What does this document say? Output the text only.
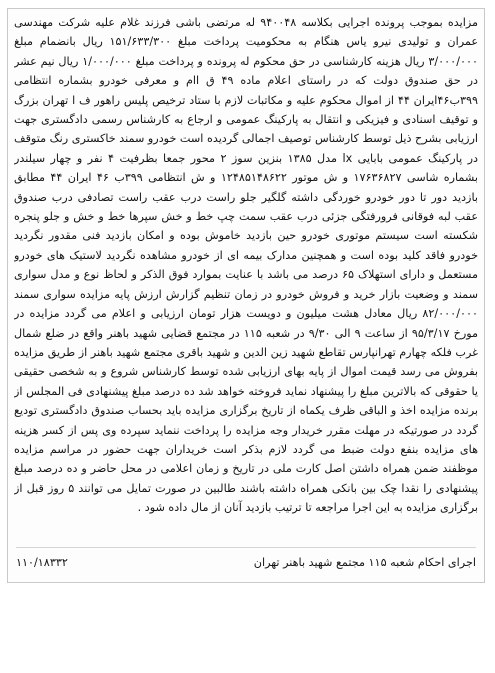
مزایده بموجب پرونده اجرایی بکلاسه ۹۴۰۰۴۸ له مرتضی باشی فرزند غلام علیه شرکت مهندسی عمران و تولیدی نیرو یاس هنگام به محکومیت پرداخت مبلغ ۱۵۱/۶۳۳/۳۰۰ ریال بانضمام مبلغ ۳/۰۰۰/۰۰۰ ریال هزینه کارشناسی در حق محکوم له پرونده و پرداخت مبلغ ۱/۰۰۰/۰۰۰ ریال نیم عشر در حق صندوق دولت که در راستای اعلام ماده ۴۹ ق اام و معرفی خودرو بشماره انتظامی ۳۹۹ب۴۶ایران ۴۴ از اموال محکوم علیه و مکاتبات لازم با ستاد ترخیص پلیس راهور ف ا تهران بزرگ و توقیف اسنادی و فیزیکی و انتقال به پارکینگ عمومی و ارجاع به کارشناس رسمی دادگستری جهت ارزیابی بشرح ذیل توسط کارشناس توصیف اجمالی گردیده است خودرو سمند خاکستری رنگ متوقف در پارکینگ عمومی بابایی lx مدل ۱۳۸۵ بنزین سوز ۲ محور جمعا بظرفیت ۴ نفر و چهار سیلندر بشماره شاسی ۱۷۶۳۶۸۲۷ و ش موتور ۱۲۴۸۵۱۴۸۶۲۲ و ش انتظامی ۳۹۹ب ۴۶ ایران ۴۴ مطابق بازدید دور تا دور خودرو خوردگی داشته گلگیر جلو راست درب عقب راست تصادفی درب صندوق عقب لبه فوقانی فرورفتگی جزئی درب عقب سمت چپ خط و خش سپرها خط و خش و جلو پنجره شکسته است سیستم موتوری خودرو حین بازدید خاموش بوده و امکان بازدید فنی مقدور نگردید خودرو فاقد کلید بوده است و همچنین مدارک بیمه ای از خودرو مشاهده نگردید لاستیک های خودرو مستعمل و دارای استهلاک ۶۵ درصد می باشد با عنایت بموارد فوق الذکر و لحاظ نوع و مدل سواری سمند و وضعیت بازار خرید و فروش خودرو در زمان تنظیم گزارش ارزش پایه مزایده سواری سمند ۸۲/۰۰۰/۰۰۰ ریال معادل هشت میلیون و دویست هزار تومان ارزیابی و اعلام می گردد مزایده در مورخ ۹۵/۳/۱۷ از ساعت ۹ الی ۹/۳۰ در شعبه ۱۱۵ در مجتمع قضایی شهید باهنر واقع در ضلع شمال غرب فلکه چهارم تهرانپارس تقاطع شهید زین الدین و شهید باقری مجتمع شهید باهنر از طریق مزایده بفروش می رسد قیمت اموال از پایه بهای ارزیابی شده توسط کارشناس شروع و به شخصی حقیقی یا حقوقی که بالاترین مبلغ را پیشنهاد نماید فروخته خواهد شد ده درصد مبلغ پیشنهادی فی المجلس از برنده مزایده اخذ و الباقی ظرف یکماه از تاریخ برگزاری مزایده باید بحساب صندوق دادگستری تودیع گردد در صورتیکه در مهلت مقرر خریدار وجه مزایده را پرداخت ننماید سپرده وی پس از کسر هزینه های مزایده بنفع دولت ضبط می گردد لازم بذکر است خریداران جهت حضور در مراسم مزایده موظفند ضمن همراه داشتن اصل کارت ملی در تاریخ و زمان اعلامی در محل حاضر و ده درصد مبلغ پیشنهادی را نقدا چک بین بانکی همراه داشته باشند طالبین در صورت تمایل می توانند ۵ روز قبل از برگزاری مزایده به این اجرا مراجعه تا ترتیب بازدید آنان از مال داده شود .

اجرای احکام شعبه ۱۱۵ مجتمع شهید باهنر تهران
۱۱۰/۱۸۳۳۲
